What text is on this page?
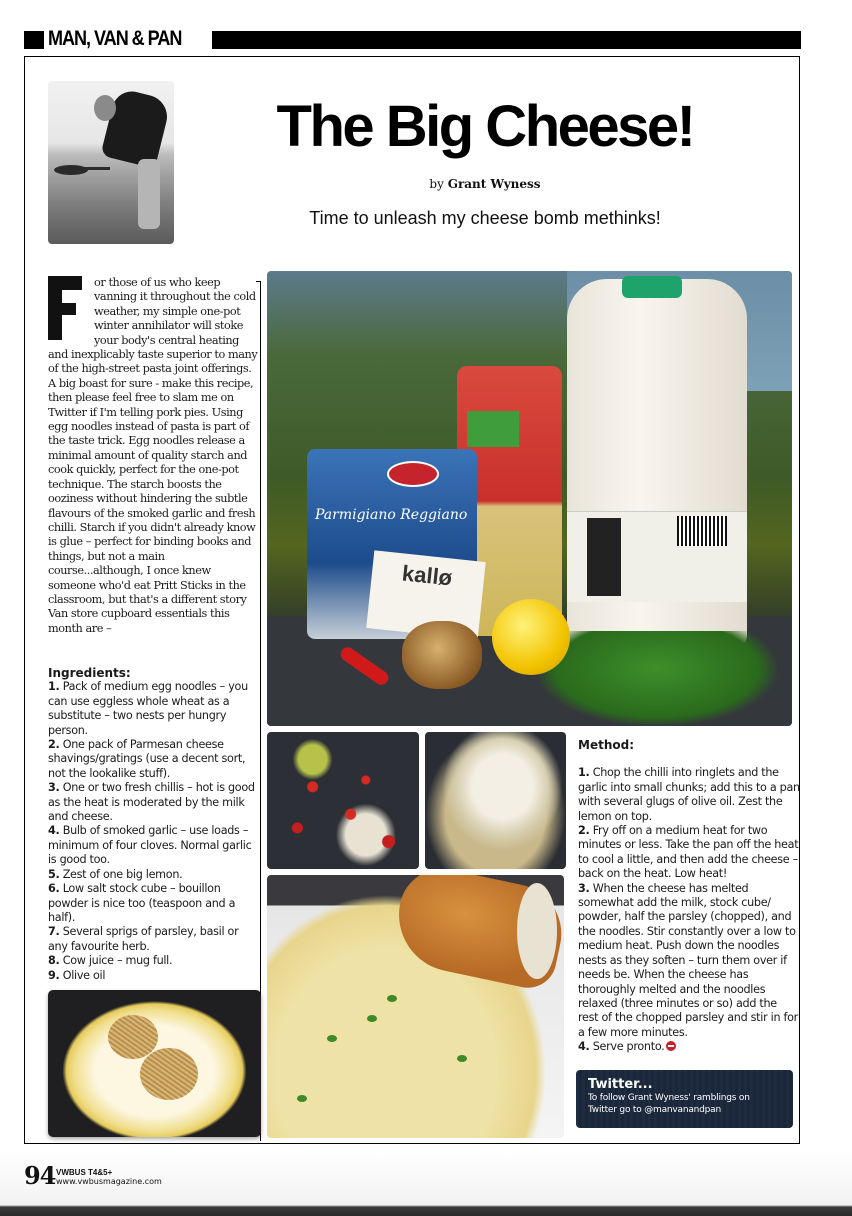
MAN, VAN & PAN
The Big Cheese!
by Grant Wyness
Time to unleash my cheese bomb methinks!
or those of us who keep vanning it throughout the cold weather, my simple one-pot winter annihilator will stoke your body's central heating and inexplicably taste superior to many of the high-street pasta joint offerings. A big boast for sure - make this recipe, then please feel free to slam me on Twitter if I'm telling pork pies. Using egg noodles instead of pasta is part of the taste trick. Egg noodles release a minimal amount of quality starch and cook quickly, perfect for the one-pot technique. The starch boosts the ooziness without hindering the subtle flavours of the smoked garlic and fresh chilli. Starch if you didn't already know is glue – perfect for binding books and things, but not a main course...although, I once knew someone who'd eat Pritt Sticks in the classroom, but that's a different story Van store cupboard essentials this month are –
Ingredients:
1. Pack of medium egg noodles – you can use eggless whole wheat as a substitute – two nests per hungry person.
2. One pack of Parmesan cheese shavings/gratings (use a decent sort, not the lookalike stuff).
3. One or two fresh chillis – hot is good as the heat is moderated by the milk and cheese.
4. Bulb of smoked garlic – use loads – minimum of four cloves. Normal garlic is good too.
5. Zest of one big lemon.
6. Low salt stock cube – bouillon powder is nice too (teaspoon and a half).
7. Several sprigs of parsley, basil or any favourite herb.
8. Cow juice – mug full.
9. Olive oil
Parmigiano Reggiano
kallø
Method:
1. Chop the chilli into ringlets and the garlic into small chunks; add this to a pan with several glugs of olive oil. Zest the lemon on top.
2. Fry off on a medium heat for two minutes or less. Take the pan off the heat to cool a little, and then add the cheese – back on the heat. Low heat!
3. When the cheese has melted somewhat add the milk, stock cube/ powder, half the parsley (chopped), and the noodles. Stir constantly over a low to medium heat. Push down the noodles nests as they soften – turn them over if needs be. When the cheese has thoroughly melted and the noodles relaxed (three minutes or so) add the rest of the chopped parsley and stir in for a few more minutes.
4. Serve pronto.
Twitter...
To follow Grant Wyness' ramblings on Twitter go to @manvanandpan
94 VWBUS T4&5+
www.vwbusmagazine.com
